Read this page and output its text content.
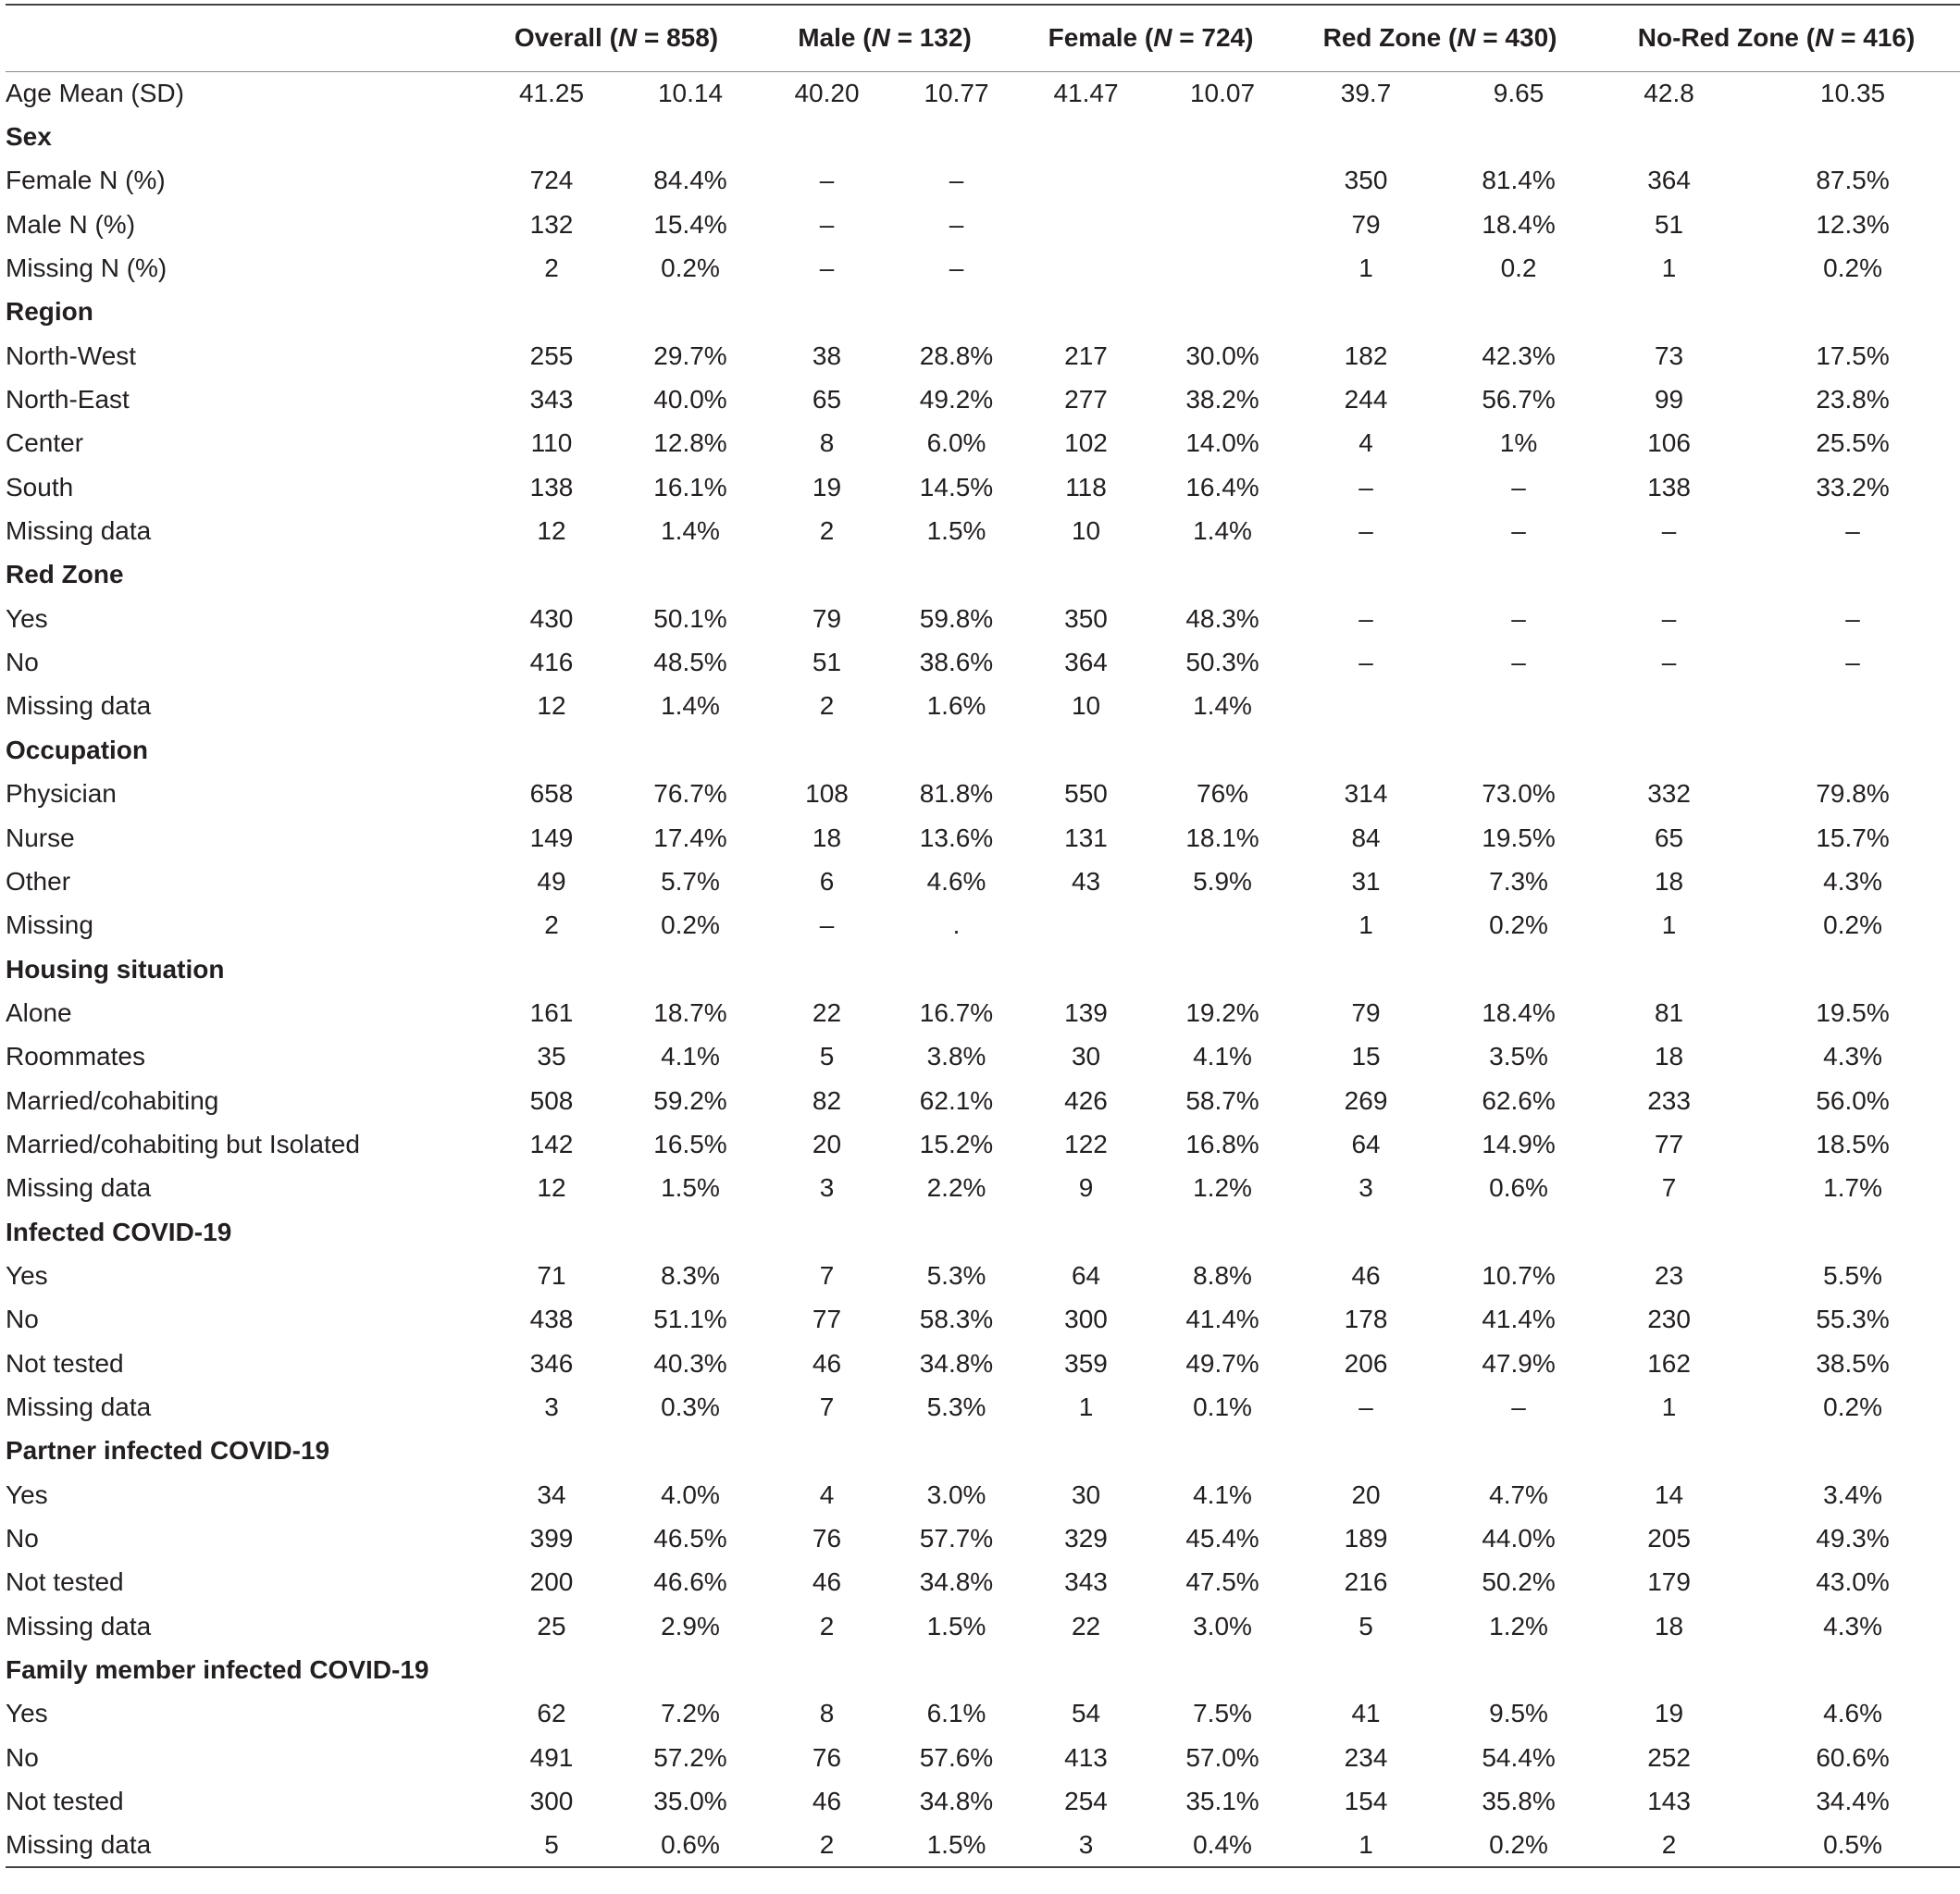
	Overall (N = 858)		Male (N = 132)		Female (N = 724)		Red Zone (N = 430)		No-Red Zone (N = 416)	
Age Mean (SD)	41.25	10.14	40.20	10.77	41.47	10.07	39.7	9.65	42.8	10.35
Sex										
Female N (%)	724	84.4%	–	–			350	81.4%	364	87.5%
Male N (%)	132	15.4%	–	–			79	18.4%	51	12.3%
Missing N (%)	2	0.2%	–	–			1	0.2	1	0.2%
Region										
North-West	255	29.7%	38	28.8%	217	30.0%	182	42.3%	73	17.5%
North-East	343	40.0%	65	49.2%	277	38.2%	244	56.7%	99	23.8%
Center	110	12.8%	8	6.0%	102	14.0%	4	1%	106	25.5%
South	138	16.1%	19	14.5%	118	16.4%	–	–	138	33.2%
Missing data	12	1.4%	2	1.5%	10	1.4%	–	–	–	–
Red Zone										
Yes	430	50.1%	79	59.8%	350	48.3%	–	–	–	–
No	416	48.5%	51	38.6%	364	50.3%	–	–	–	–
Missing data	12	1.4%	2	1.6%	10	1.4%				
Occupation										
Physician	658	76.7%	108	81.8%	550	76%	314	73.0%	332	79.8%
Nurse	149	17.4%	18	13.6%	131	18.1%	84	19.5%	65	15.7%
Other	49	5.7%	6	4.6%	43	5.9%	31	7.3%	18	4.3%
Missing	2	0.2%	–	.			1	0.2%	1	0.2%
Housing situation										
Alone	161	18.7%	22	16.7%	139	19.2%	79	18.4%	81	19.5%
Roommates	35	4.1%	5	3.8%	30	4.1%	15	3.5%	18	4.3%
Married/cohabiting	508	59.2%	82	62.1%	426	58.7%	269	62.6%	233	56.0%
Married/cohabiting but Isolated	142	16.5%	20	15.2%	122	16.8%	64	14.9%	77	18.5%
Missing data	12	1.5%	3	2.2%	9	1.2%	3	0.6%	7	1.7%
Infected COVID-19										
Yes	71	8.3%	7	5.3%	64	8.8%	46	10.7%	23	5.5%
No	438	51.1%	77	58.3%	300	41.4%	178	41.4%	230	55.3%
Not tested	346	40.3%	46	34.8%	359	49.7%	206	47.9%	162	38.5%
Missing data	3	0.3%	7	5.3%	1	0.1%	–	–	1	0.2%
Partner infected COVID-19										
Yes	34	4.0%	4	3.0%	30	4.1%	20	4.7%	14	3.4%
No	399	46.5%	76	57.7%	329	45.4%	189	44.0%	205	49.3%
Not tested	200	46.6%	46	34.8%	343	47.5%	216	50.2%	179	43.0%
Missing data	25	2.9%	2	1.5%	22	3.0%	5	1.2%	18	4.3%
Family member infected COVID-19										
Yes	62	7.2%	8	6.1%	54	7.5%	41	9.5%	19	4.6%
No	491	57.2%	76	57.6%	413	57.0%	234	54.4%	252	60.6%
Not tested	300	35.0%	46	34.8%	254	35.1%	154	35.8%	143	34.4%
Missing data	5	0.6%	2	1.5%	3	0.4%	1	0.2%	2	0.5%
